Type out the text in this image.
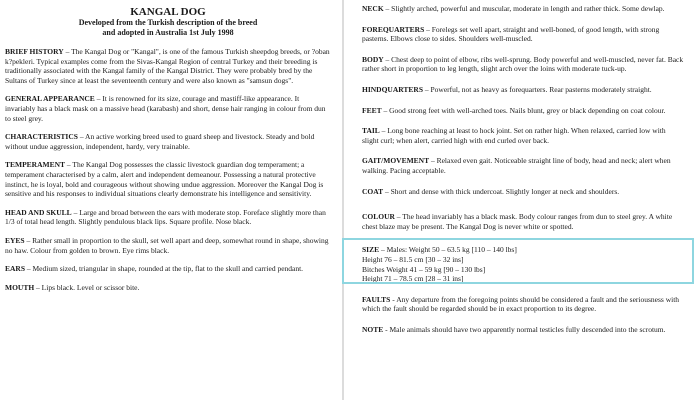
KANGAL DOG

Developed from the Turkish description of the breed

and adopted in Australia 1st July 1998

BRIEF HISTORY – The Kangal Dog or "Kangal", is one of the famous Turkish sheepdog breeds, or ?oban k?pekleri. Typical examples come from the Sivas-Kangal Region of central Turkey and their breeding is traditionally associated with the Kangal family of the Kangal District. They were probably bred by the Sultans of Turkey since at least the seventeenth century and were also known as "samsun dogs".

GENERAL APPEARANCE – It is renowned for its size, courage and mastiff-like appearance. It invariably has a black mask on a massive head (karabash) and short, dense hair ranging in colour from dun to steel grey.

CHARACTERISTICS – An active working breed used to guard sheep and livestock. Steady and bold without undue aggression, independent, hardy, very trainable.

TEMPERAMENT – The Kangal Dog possesses the classic livestock guardian dog temperament; a temperament characterised by a calm, alert and independent demeanour. Possessing a natural protective instinct, he is loyal, bold and courageous without showing undue aggression. Moreover the Kangal Dog is sensitive and his responses to individual situations clearly demonstrate his intelligence and sensitivity.

HEAD AND SKULL – Large and broad between the ears with moderate stop. Foreface slightly more than 1/3 of total head length. Slightly pendulous black lips. Square profile. Nose black.

EYES – Rather small in proportion to the skull, set well apart and deep, somewhat round in shape, showing no haw. Colour from golden to brown. Eye rims black.

EARS – Medium sized, triangular in shape, rounded at the tip, flat to the skull and carried pendant.

MOUTH – Lips black. Level or scissor bite.

NECK – Slightly arched, powerful and muscular, moderate in length and rather thick. Some dewlap.

FOREQUARTERS – Forelegs set well apart, straight and well-boned, of good length, with strong pasterns. Elbows close to sides. Shoulders well-muscled.

BODY – Chest deep to point of elbow, ribs well-sprung. Body powerful and well-muscled, never fat. Back rather short in proportion to leg length, slight arch over the loins with moderate tuck-up.

HINDQUARTERS – Powerful, not as heavy as forequarters. Rear pasterns moderately straight.

FEET – Good strong feet with well-arched toes. Nails blunt, grey or black depending on coat colour.

TAIL – Long bone reaching at least to hock joint. Set on rather high. When relaxed, carried low with slight curl; when alert, carried high with end curled over back.

GAIT/MOVEMENT – Relaxed even gait. Noticeable straight line of body, head and neck; alert when walking. Pacing acceptable.

COAT – Short and dense with thick undercoat. Slightly longer at neck and shoulders.

COLOUR – The head invariably has a black mask. Body colour ranges from dun to steel grey. A white chest blaze may be present. The Kangal Dog is never white or spotted.

SIZE – Males: Weight 50 – 63.5 kg [110 – 140 lbs]
Height 76 – 81.5 cm [30 – 32 ins]
Bitches Weight 41 – 59 kg [90 – 130 lbs]
Height 71 – 78.5 cm [28 – 31 ins]

FAULTS - Any departure from the foregoing points should be considered a fault and the seriousness with which the fault should be regarded should be in exact proportion to its degree.

NOTE - Male animals should have two apparently normal testicles fully descended into the scrotum.
